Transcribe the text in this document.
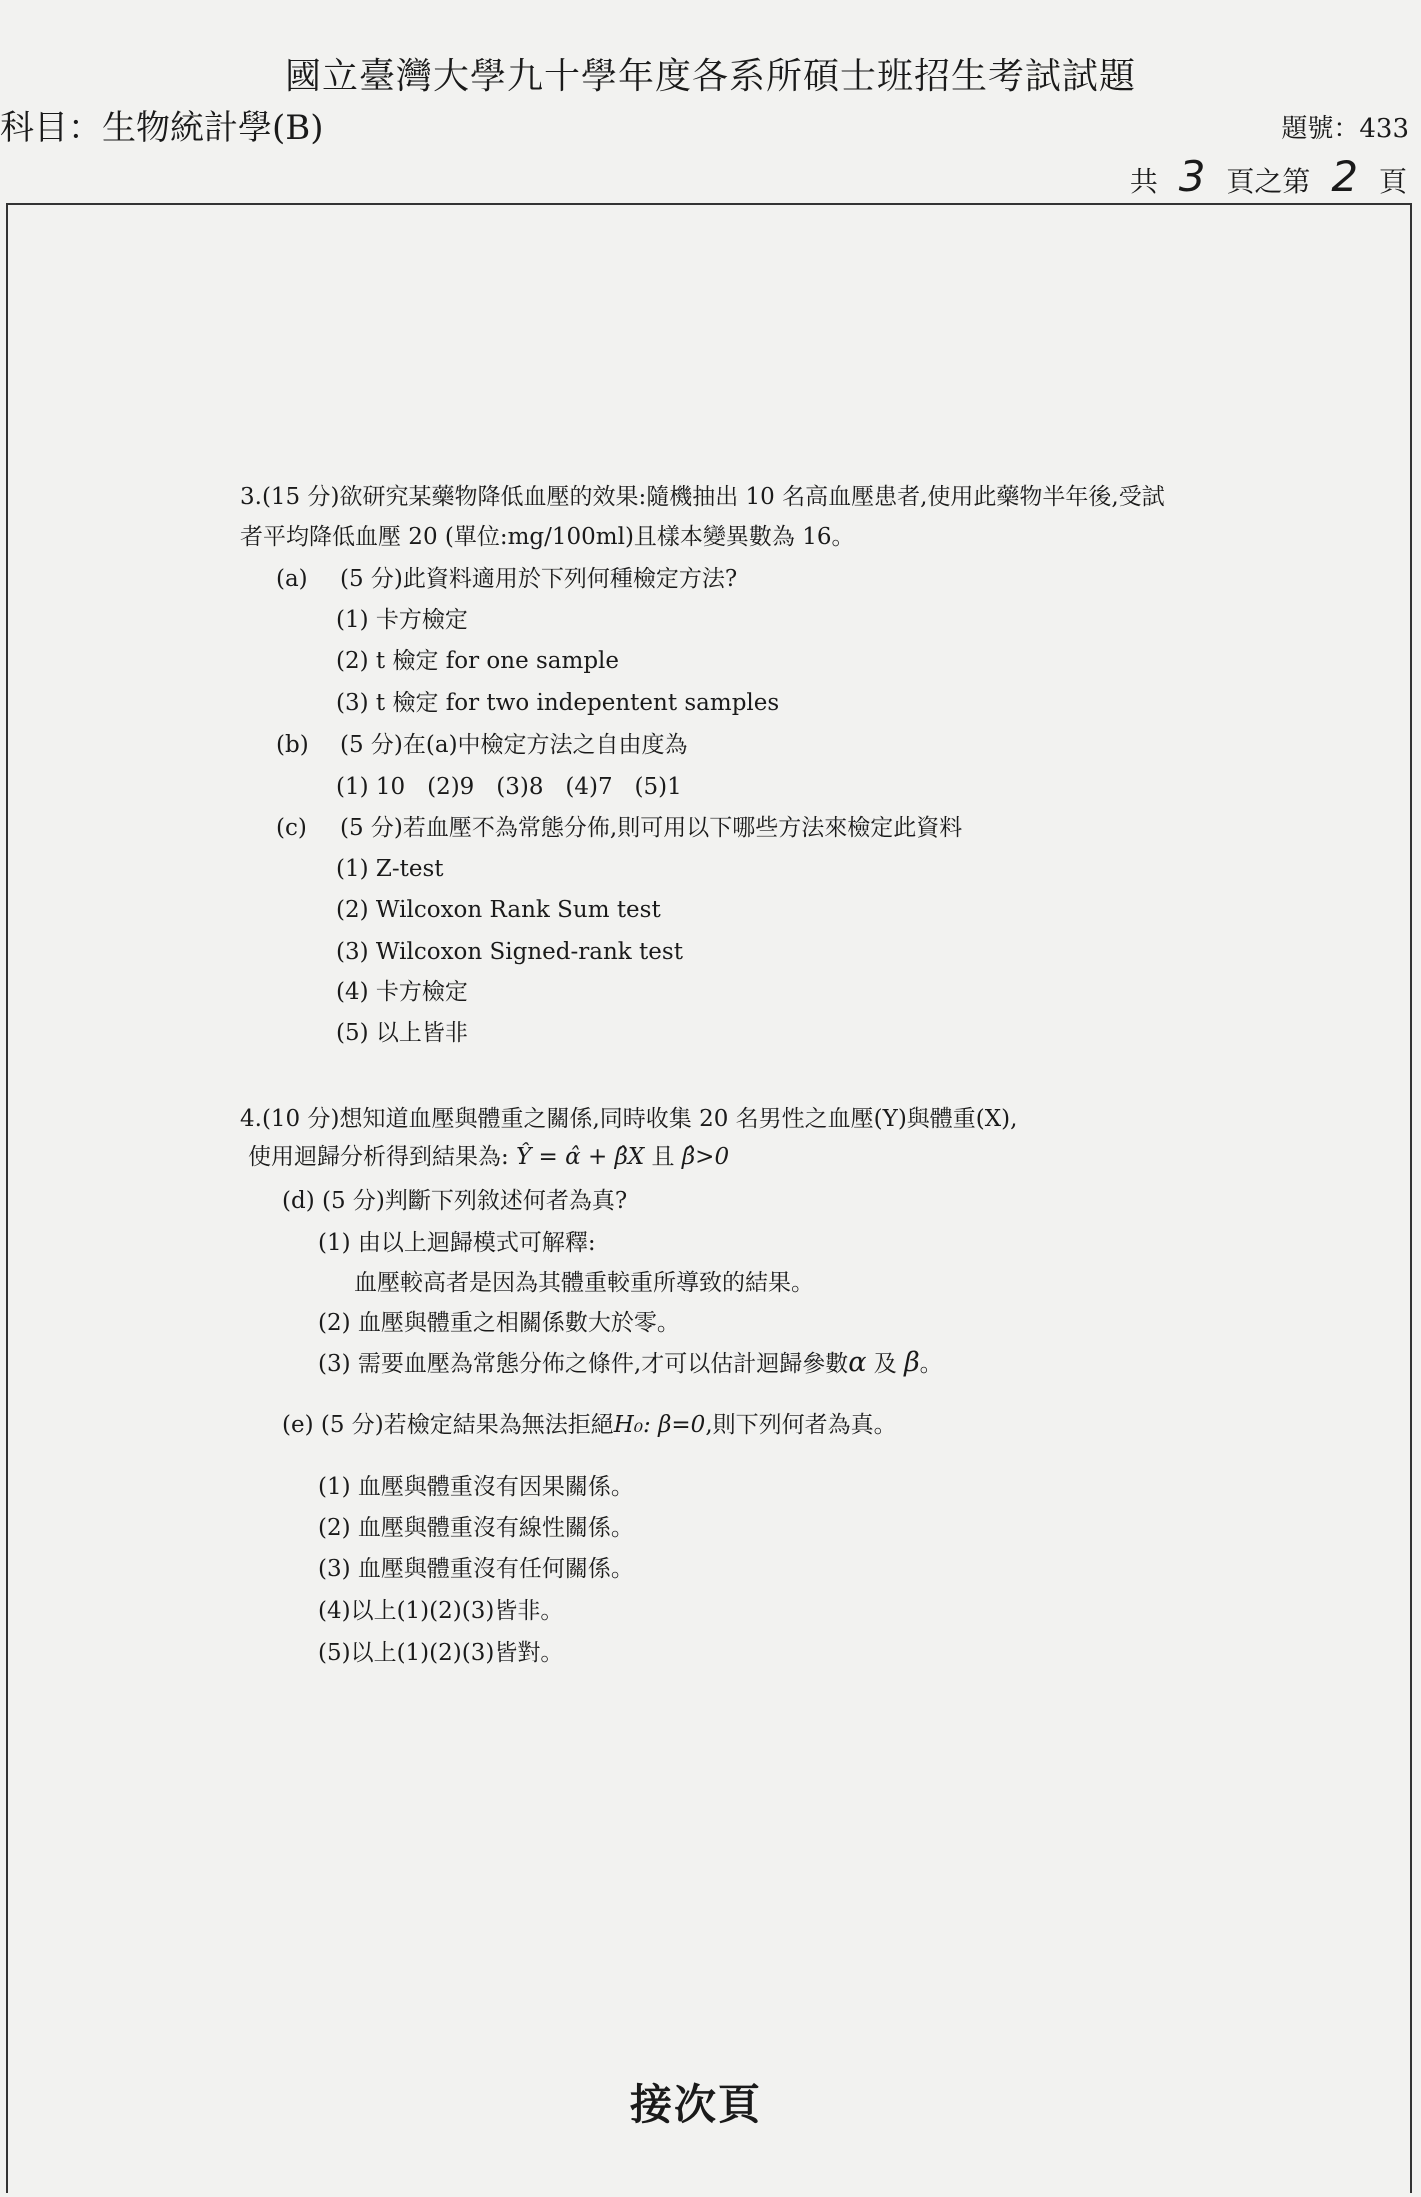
國立臺灣大學九十學年度各系所碩士班招生考試試題
科目：生物統計學(B)	題號：433
共 3 頁之第 2 頁
3.(15 分)欲研究某藥物降低血壓的效果:隨機抽出 10 名高血壓患者,使用此藥物半年後,受試
者平均降低血壓 20 (單位:mg/100ml)且樣本變異數為 16。
(a) (5 分)此資料適用於下列何種檢定方法?
(1) 卡方檢定
(2) t 檢定 for one sample
(3) t 檢定 for two indepentent samples
(b) (5 分)在(a)中檢定方法之自由度為
(1) 10   (2)9   (3)8   (4)7   (5)1
(c) (5 分)若血壓不為常態分佈,則可用以下哪些方法來檢定此資料
(1) Z-test
(2) Wilcoxon Rank Sum test
(3) Wilcoxon Signed-rank test
(4) 卡方檢定
(5) 以上皆非
4.(10 分)想知道血壓與體重之關係,同時收集 20 名男性之血壓(Y)與體重(X),
使用迴歸分析得到結果為: Ŷ = α̂ + β̂X 且 β̂>0
(d) (5 分)判斷下列敘述何者為真?
(1) 由以上迴歸模式可解釋:
血壓較高者是因為其體重較重所導致的結果。
(2) 血壓與體重之相關係數大於零。
(3) 需要血壓為常態分佈之條件,才可以估計迴歸參數α 及 β。
(e) (5 分)若檢定結果為無法拒絕H₀: β=0,則下列何者為真。
(1) 血壓與體重沒有因果關係。
(2) 血壓與體重沒有線性關係。
(3) 血壓與體重沒有任何關係。
(4)以上(1)(2)(3)皆非。
(5)以上(1)(2)(3)皆對。
接次頁
